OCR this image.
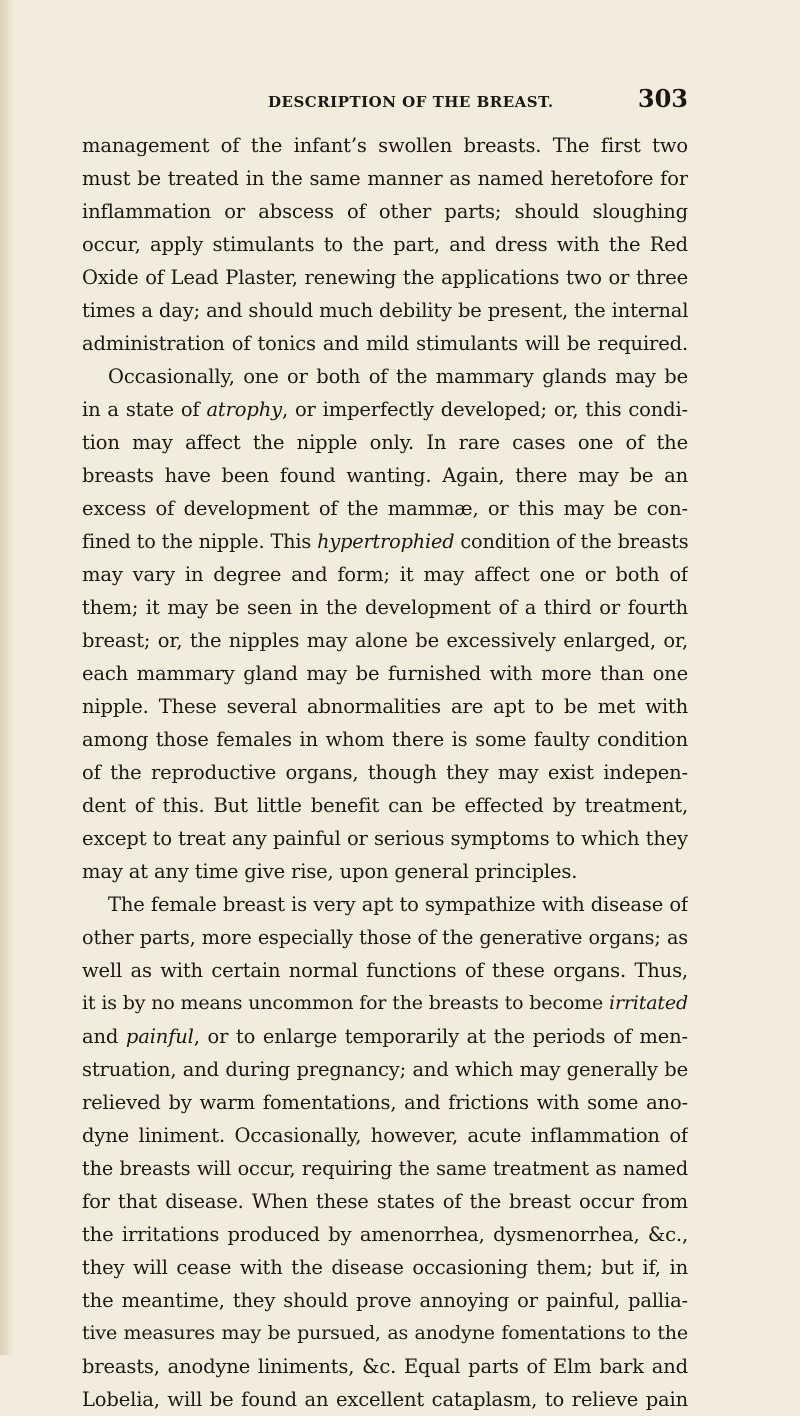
DESCRIPTION OF THE BREAST.	303
management of the infant’s swollen breasts. The first two
must be treated in the same manner as named heretofore for
inflammation or abscess of other parts; should sloughing
occur, apply stimulants to the part, and dress with the Red
Oxide of Lead Plaster, renewing the applications two or three
times a day; and should much debility be present, the internal
administration of tonics and mild stimulants will be required.
Occasionally, one or both of the mammary glands may be
in a state of atrophy, or imperfectly developed; or, this condi-
tion may affect the nipple only. In rare cases one of the
breasts have been found wanting. Again, there may be an
excess of development of the mammæ, or this may be con-
fined to the nipple. This hypertrophied condition of the breasts
may vary in degree and form; it may affect one or both of
them; it may be seen in the development of a third or fourth
breast; or, the nipples may alone be excessively enlarged, or,
each mammary gland may be furnished with more than one
nipple. These several abnormalities are apt to be met with
among those females in whom there is some faulty condition
of the reproductive organs, though they may exist indepen-
dent of this. But little benefit can be effected by treatment,
except to treat any painful or serious symptoms to which they
may at any time give rise, upon general principles.
The female breast is very apt to sympathize with disease of
other parts, more especially those of the generative organs; as
well as with certain normal functions of these organs. Thus,
it is by no means uncommon for the breasts to become irritated
and painful, or to enlarge temporarily at the periods of men-
struation, and during pregnancy; and which may generally be
relieved by warm fomentations, and frictions with some ano-
dyne liniment. Occasionally, however, acute inflammation of
the breasts will occur, requiring the same treatment as named
for that disease. When these states of the breast occur from
the irritations produced by amenorrhea, dysmenorrhea, &c.,
they will cease with the disease occasioning them; but if, in
the meantime, they should prove annoying or painful, pallia-
tive measures may be pursued, as anodyne fomentations to the
breasts, anodyne liniments, &c. Equal parts of Elm bark and
Lobelia, will be found an excellent cataplasm, to relieve pain
